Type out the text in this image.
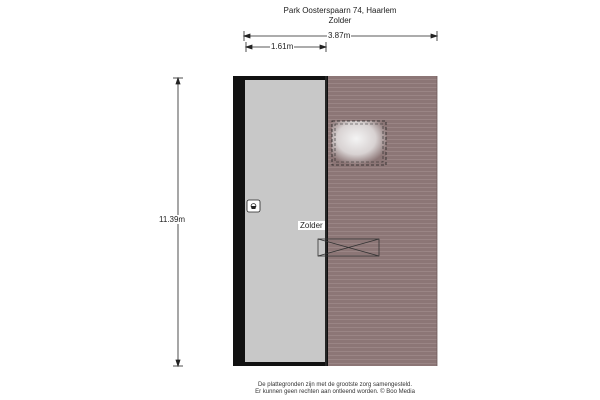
Park Oosterspaarn 74, Haarlem
Zolder
3.87m
1.61m
11.39m
Zolder
De plattegronden zijn met de grootste zorg samengesteld.
Er kunnen geen rechten aan ontleend worden. © Boo Media
